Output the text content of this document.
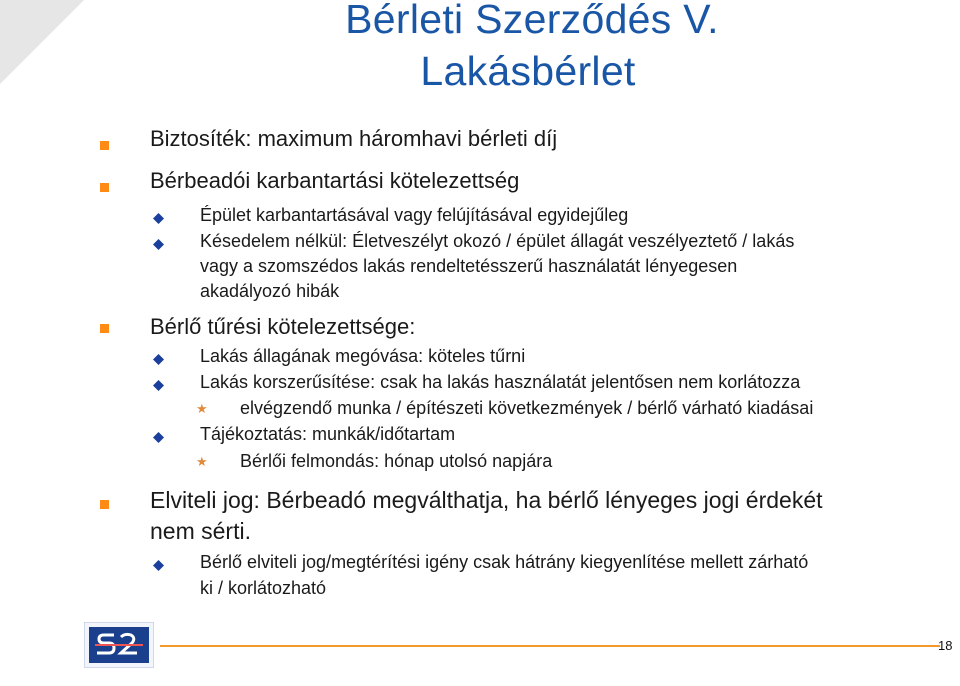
Bérleti Szerződés V.
Lakásbérlet
Biztosíték: maximum háromhavi bérleti díj
Bérbeadói karbantartási kötelezettség
Épület karbantartásával vagy felújításával egyidejűleg
Késedelem nélkül: Életveszélyt okozó / épület állagát veszélyeztető / lakás
vagy a szomszédos lakás rendeltetésszerű használatát lényegesen
akadályozó hibák
Bérlő tűrési kötelezettsége:
Lakás állagának megóvása: köteles tűrni
Lakás korszerűsítése: csak ha lakás használatát jelentősen nem korlátozza
★ elvégzendő munka / építészeti következmények / bérlő várható kiadásai
Tájékoztatás: munkák/időtartam
★ Bérlői felmondás: hónap utolsó napjára
Elviteli jog: Bérbeadó megválthatja, ha bérlő lényeges jogi érdekét
nem sérti.
Bérlő elviteli jog/megtérítési igény csak hátrány kiegyenlítése mellett zárható
ki / korlátozható
18
